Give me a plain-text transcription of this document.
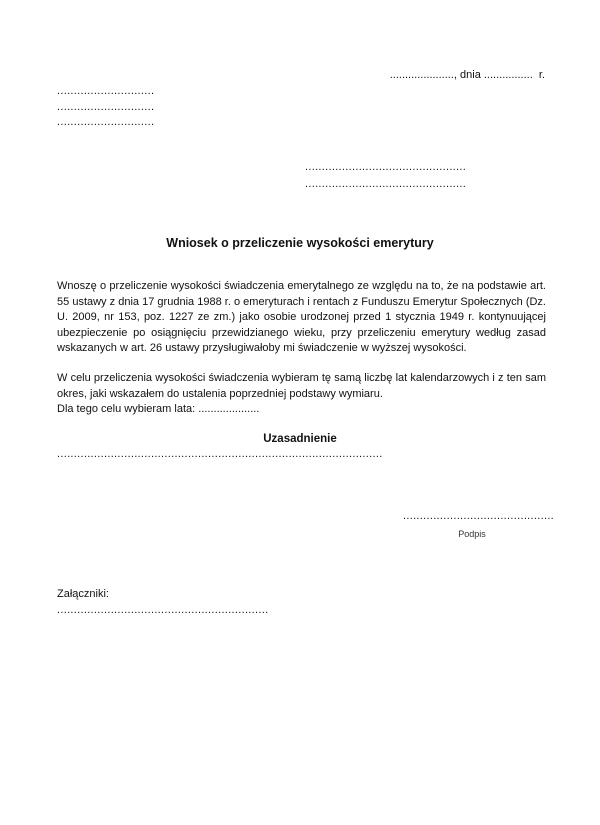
....................., dnia ................  r.
.............................
.............................
.............................
................................................
................................................
Wniosek o przeliczenie wysokości emerytury

Wnoszę o przeliczenie wysokości świadczenia emerytalnego ze względu na to, że na podstawie art. 55 ustawy z dnia 17 grudnia 1988 r. o emeryturach i rentach z Funduszu Emerytur Społecznych (Dz. U. 2009, nr 153, poz. 1227 ze zm.) jako osobie urodzonej przed 1 stycznia 1949 r. kontynuującej ubezpieczenie po osiągnięciu przewidzianego wieku, przy przeliczeniu emerytury według zasad wskazanych w art. 26 ustawy przysługiwałoby mi świadczenie w wyższej wysokości.

W celu przeliczenia wysokości świadczenia wybieram tę samą liczbę lat kalendarzowych i z ten sam okres, jaki wskazałem do ustalenia poprzedniej podstawy wymiaru.

Dla tego celu wybieram lata: ....................
Uzasadnienie
.................................................................................................
.............................................
Podpis
Załączniki:
...............................................................
